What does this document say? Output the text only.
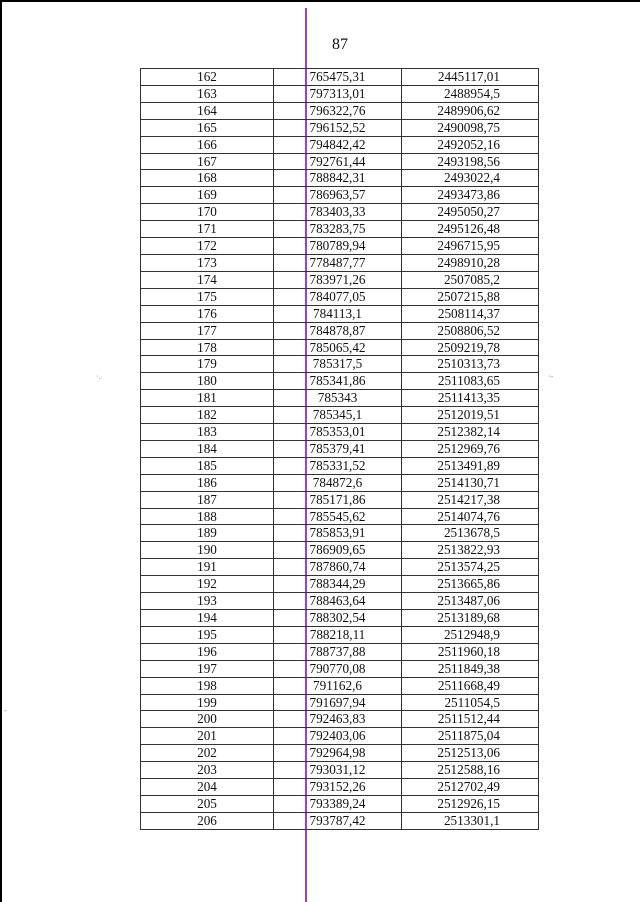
87
162	765475,31	2445117,01
163	797313,01	2488954,5
164	796322,76	2489906,62
165	796152,52	2490098,75
166	794842,42	2492052,16
167	792761,44	2493198,56
168	788842,31	2493022,4
169	786963,57	2493473,86
170	783403,33	2495050,27
171	783283,75	2495126,48
172	780789,94	2496715,95
173	778487,77	2498910,28
174	783971,26	2507085,2
175	784077,05	2507215,88
176	784113,1	2508114,37
177	784878,87	2508806,52
178	785065,42	2509219,78
179	785317,5	2510313,73
180	785341,86	2511083,65
181	785343	2511413,35
182	785345,1	2512019,51
183	785353,01	2512382,14
184	785379,41	2512969,76
185	785331,52	2513491,89
186	784872,6	2514130,71
187	785171,86	2514217,38
188	785545,62	2514074,76
189	785853,91	2513678,5
190	786909,65	2513822,93
191	787860,74	2513574,25
192	788344,29	2513665,86
193	788463,64	2513487,06
194	788302,54	2513189,68
195	788218,11	2512948,9
196	788737,88	2511960,18
197	790770,08	2511849,38
198	791162,6	2511668,49
199	791697,94	2511054,5
200	792463,83	2511512,44
201	792403,06	2511875,04
202	792964,98	2512513,06
203	793031,12	2512588,16
204	793152,26	2512702,49
205	793389,24	2512926,15
206	793787,42	2513301,1
·.	·-
-
